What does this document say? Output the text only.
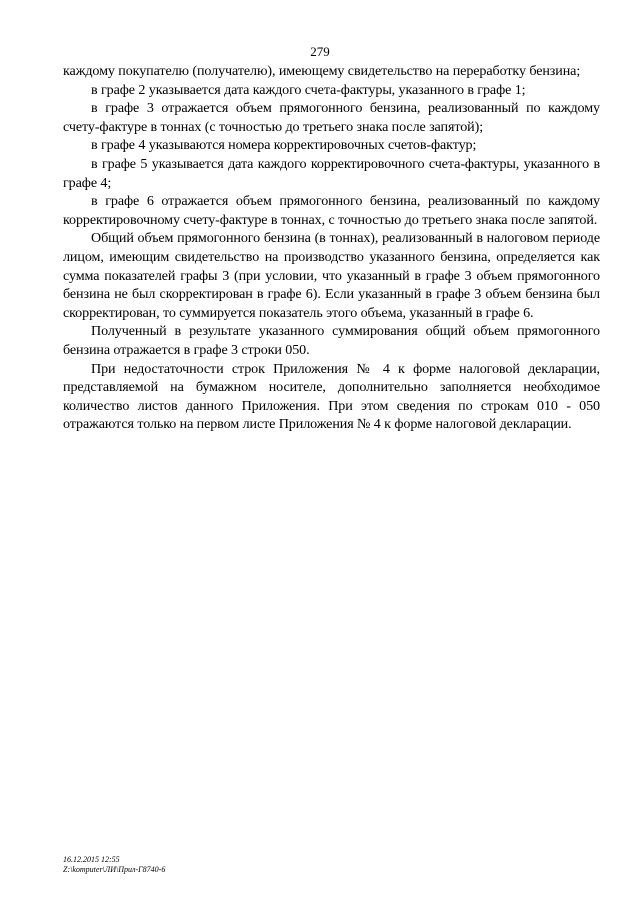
279

каждому покупателю (получателю), имеющему свидетельство на переработку бензина;

в графе 2 указывается дата каждого счета-фактуры, указанного в графе 1;

в графе 3 отражается объем прямогонного бензина, реализованный по каждому счету-фактуре в тоннах (с точностью до третьего знака после запятой);

в графе 4 указываются номера корректировочных счетов-фактур;

в графе 5 указывается дата каждого корректировочного счета-фактуры, указанного в графе 4;

в графе 6 отражается объем прямогонного бензина, реализованный по каждому корректировочному счету-фактуре в тоннах, с точностью до третьего знака после запятой.

Общий объем прямогонного бензина (в тоннах), реализованный в налоговом периоде лицом, имеющим свидетельство на производство указанного бензина, определяется как сумма показателей графы 3 (при условии, что указанный в графе 3 объем прямогонного бензина не был скорректирован в графе 6). Если указанный в графе 3 объем бензина был скорректирован, то суммируется показатель этого объема, указанный в графе 6.

Полученный в результате указанного суммирования общий объем прямогонного бензина отражается в графе 3 строки 050.

При недостаточности строк Приложения № 4 к форме налоговой декларации, представляемой на бумажном носителе, дополнительно заполняется необходимое количество листов данного Приложения. При этом сведения по строкам 010 - 050 отражаются только на первом листе Приложения № 4 к форме налоговой декларации.

16.12.2015 12:55
Z:\komputer\ЛИ\Прил-Г8740-6
